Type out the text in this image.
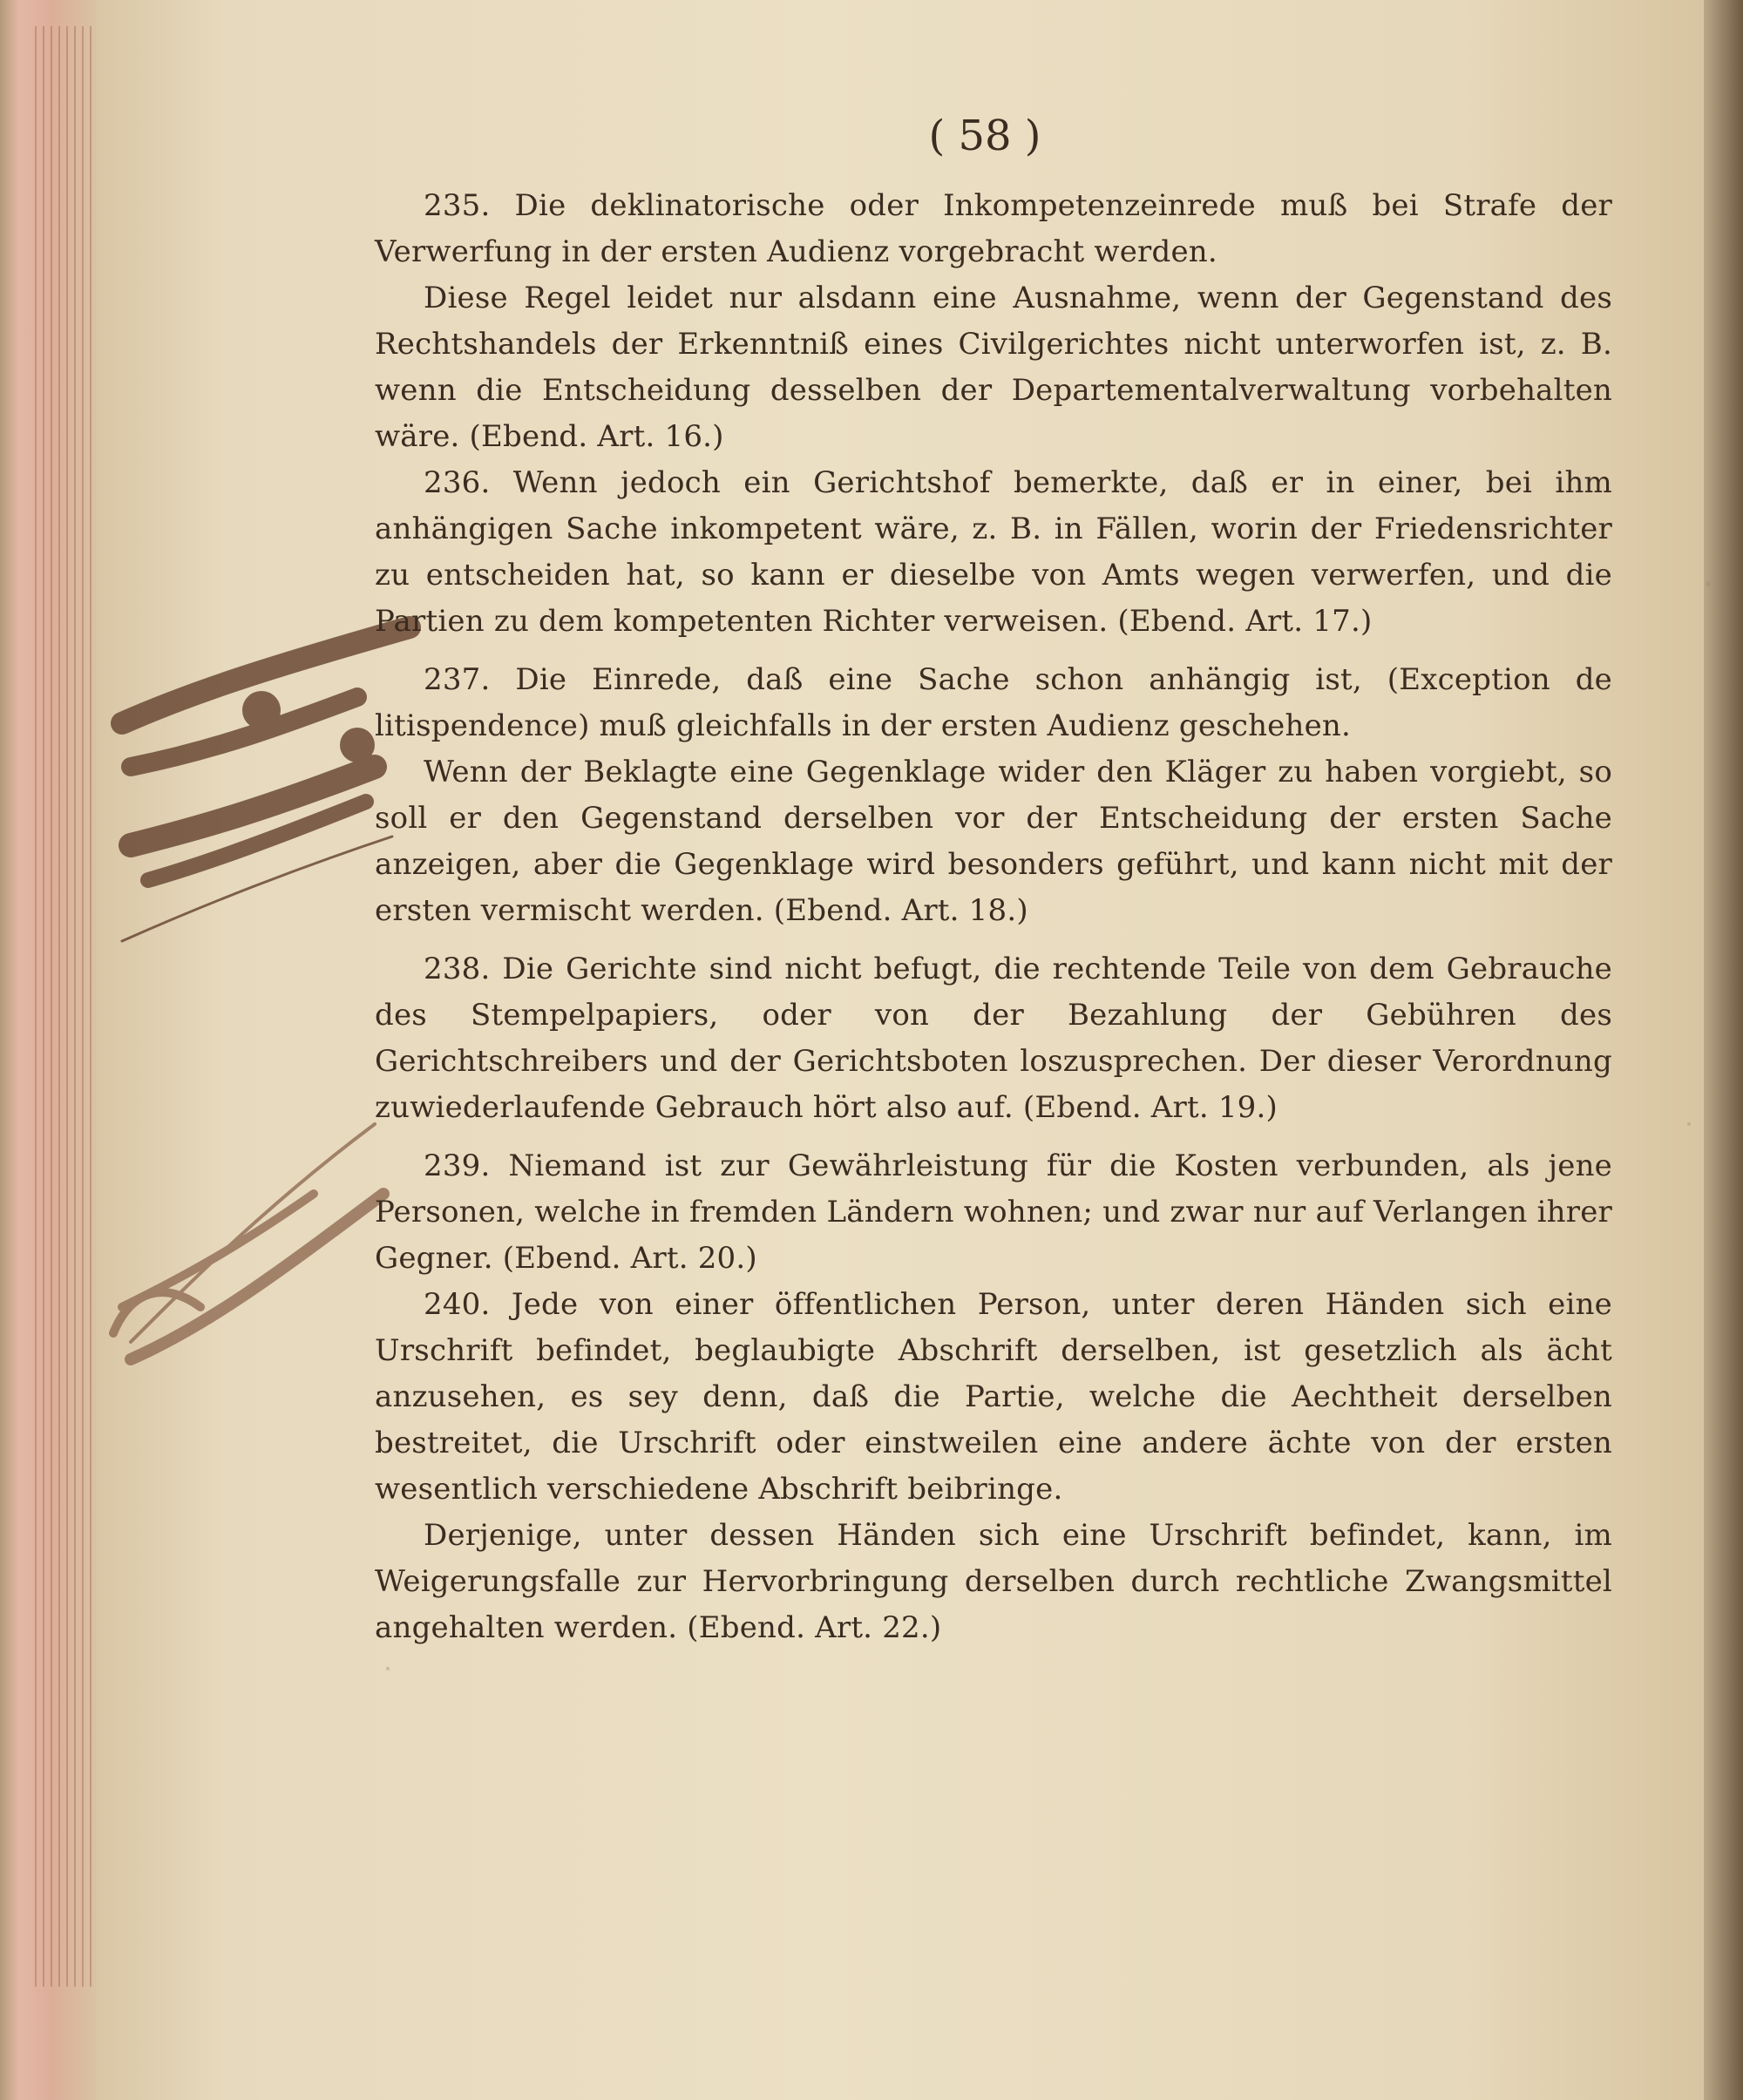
( 58 )

235. Die deklinatorische oder Inkompetenzeinrede muß bei Strafe der Verwerfung in der ersten Audienz vorgebracht werden.

Diese Regel leidet nur alsdann eine Ausnahme, wenn der Gegenstand des Rechtshandels der Erkenntniß eines Civilgerichtes nicht unterworfen ist, z. B. wenn die Entscheidung desselben der Departementalverwaltung vorbehalten wäre. (Ebend. Art. 16.)

236. Wenn jedoch ein Gerichtshof bemerkte, daß er in einer, bei ihm anhängigen Sache inkompetent wäre, z. B. in Fällen, worin der Friedensrichter zu entscheiden hat, so kann er dieselbe von Amts wegen verwerfen, und die Partien zu dem kompetenten Richter verweisen. (Ebend. Art. 17.)

237. Die Einrede, daß eine Sache schon anhängig ist, (Exception de litispendence) muß gleichfalls in der ersten Audienz geschehen.

Wenn der Beklagte eine Gegenklage wider den Kläger zu haben vorgiebt, so soll er den Gegenstand derselben vor der Entscheidung der ersten Sache anzeigen, aber die Gegenklage wird besonders geführt, und kann nicht mit der ersten vermischt werden. (Ebend. Art. 18.)

238. Die Gerichte sind nicht befugt, die rechtende Teile von dem Gebrauche des Stempelpapiers, oder von der Bezahlung der Gebühren des Gerichtschreibers und der Gerichtsboten loszusprechen. Der dieser Verordnung zuwiederlaufende Gebrauch hört also auf. (Ebend. Art. 19.)

239. Niemand ist zur Gewährleistung für die Kosten verbunden, als jene Personen, welche in fremden Ländern wohnen; und zwar nur auf Verlangen ihrer Gegner. (Ebend. Art. 20.)

240. Jede von einer öffentlichen Person, unter deren Händen sich eine Urschrift befindet, beglaubigte Abschrift derselben, ist gesetzlich als ächt anzusehen, es sey denn, daß die Partie, welche die Aechtheit derselben bestreitet, die Urschrift oder einstweilen eine andere ächte von der ersten wesentlich verschiedene Abschrift beibringe.

Derjenige, unter dessen Händen sich eine Urschrift befindet, kann, im Weigerungsfalle zur Hervorbringung derselben durch rechtliche Zwangsmittel angehalten werden. (Ebend. Art. 22.)
